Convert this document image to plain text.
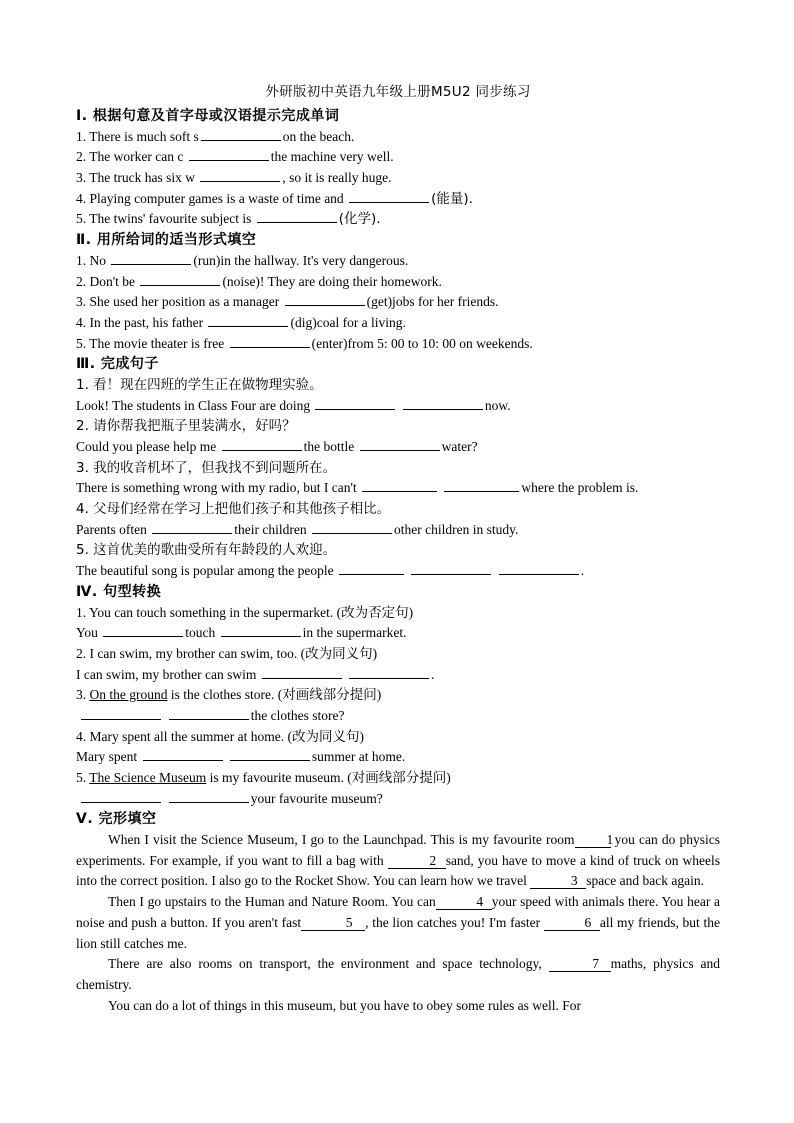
外研版初中英语九年级上册M5U2 同步练习
Ⅰ. 根据句意及首字母或汉语提示完成单词
1. There is much soft s	on the beach.
2. The worker can c	the machine very well.
3. The truck has six w	, so it is really huge.
4. Playing computer games is a waste of time and	(能量).
5. The twins' favourite subject is	(化学).
Ⅱ. 用所给词的适当形式填空
1. No	(run)in the hallway. It's very dangerous.
2. Don't be	(noise)! They are doing their homework.
3. She used her position as a manager	(get)jobs for her friends.
4. In the past, his father	(dig)coal for a living.
5. The movie theater is free	(enter)from 5: 00 to 10: 00 on weekends.
Ⅲ. 完成句子
1. 看！现在四班的学生正在做物理实验。
Look! The students in Class Four are doing	now.
2. 请你帮我把瓶子里装满水，好吗？
Could you please help me	the bottle	water?
3. 我的收音机坏了，但我找不到问题所在。
There is something wrong with my radio, but I can't	where the problem is.
4. 父母们经常在学习上把他们孩子和其他孩子相比。
Parents often	their children	other children in study.
5. 这首优美的歌曲受所有年龄段的人欢迎。
The beautiful song is popular among the people	.
Ⅳ. 句型转换
1. You can touch something in the supermarket. (改为否定句)
You	touch	in the supermarket.
2. I can swim, my brother can swim, too. (改为同义句)
I can swim, my brother can swim	.
3. On the ground is the clothes store. (对画线部分提问)
the clothes store?
4. Mary spent all the summer at home. (改为同义句)
Mary spent	summer at home.
5. The Science Museum is my favourite museum. (对画线部分提问)
your favourite museum?
Ⅴ. 完形填空

When I visit the Science Museum, I go to the Launchpad. This is my favourite room 1 you can do physics experiments. For example, if you want to fill a bag with	2 sand, you have to move a kind of truck on wheels into the correct position. I also go to the Rocket Show. You can learn how we travel	3 space and back again.

Then I go upstairs to the Human and Nature Room. You can	4 your speed with animals there. You hear a noise and push a button. If you aren't fast	5 , the lion catches you! I'm faster	6 all my friends, but the lion still catches me.

There are also rooms on transport, the environment and space technology,	7 maths, physics and chemistry.

You can do a lot of things in this museum, but you have to obey some rules as well. For
